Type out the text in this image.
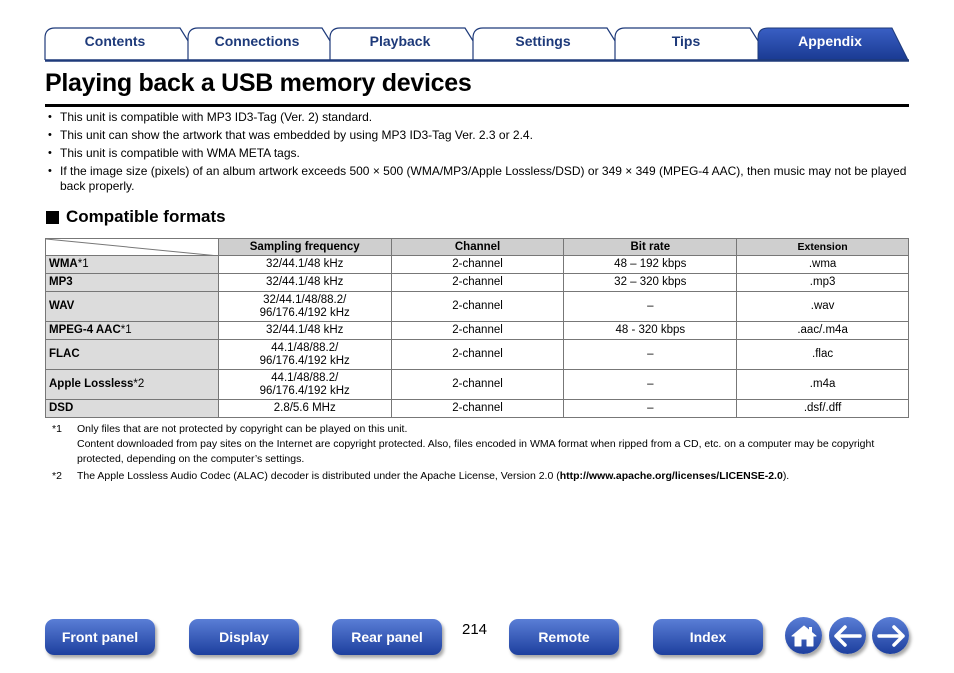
Contents	Connections	Playback	Settings	Tips	Appendix
Playing back a USB memory devices
• This unit is compatible with MP3 ID3-Tag (Ver. 2) standard.
• This unit can show the artwork that was embedded by using MP3 ID3-Tag Ver. 2.3 or 2.4.
• This unit is compatible with WMA META tags.
• If the image size (pixels) of an album artwork exceeds 500 × 500 (WMA/MP3/Apple Lossless/DSD) or 349 × 349 (MPEG-4 AAC), then music may not be played back properly.
Compatible formats
	Sampling frequency	Channel	Bit rate	Extension
WMA*1	32/44.1/48 kHz	2-channel	48 – 192 kbps	.wma
MP3	32/44.1/48 kHz	2-channel	32 – 320 kbps	.mp3
WAV	32/44.1/48/88.2/
96/176.4/192 kHz	2-channel	–	.wav
MPEG-4 AAC*1	32/44.1/48 kHz	2-channel	48 - 320 kbps	.aac/.m4a
FLAC	44.1/48/88.2/
96/176.4/192 kHz	2-channel	–	.flac
Apple Lossless*2	44.1/48/88.2/
96/176.4/192 kHz	2-channel	–	.m4a
DSD	2.8/5.6 MHz	2-channel	–	.dsf/.dff
*1	Only files that are not protected by copyright can be played on this unit.
Content downloaded from pay sites on the Internet are copyright protected. Also, files encoded in WMA format when ripped from a CD, etc. on a computer may be copyright protected, depending on the computer’s settings.
*2	The Apple Lossless Audio Codec (ALAC) decoder is distributed under the Apache License, Version 2.0 (http://www.apache.org/licenses/LICENSE-2.0).
Front panel	Display	Rear panel	214	Remote	Index
